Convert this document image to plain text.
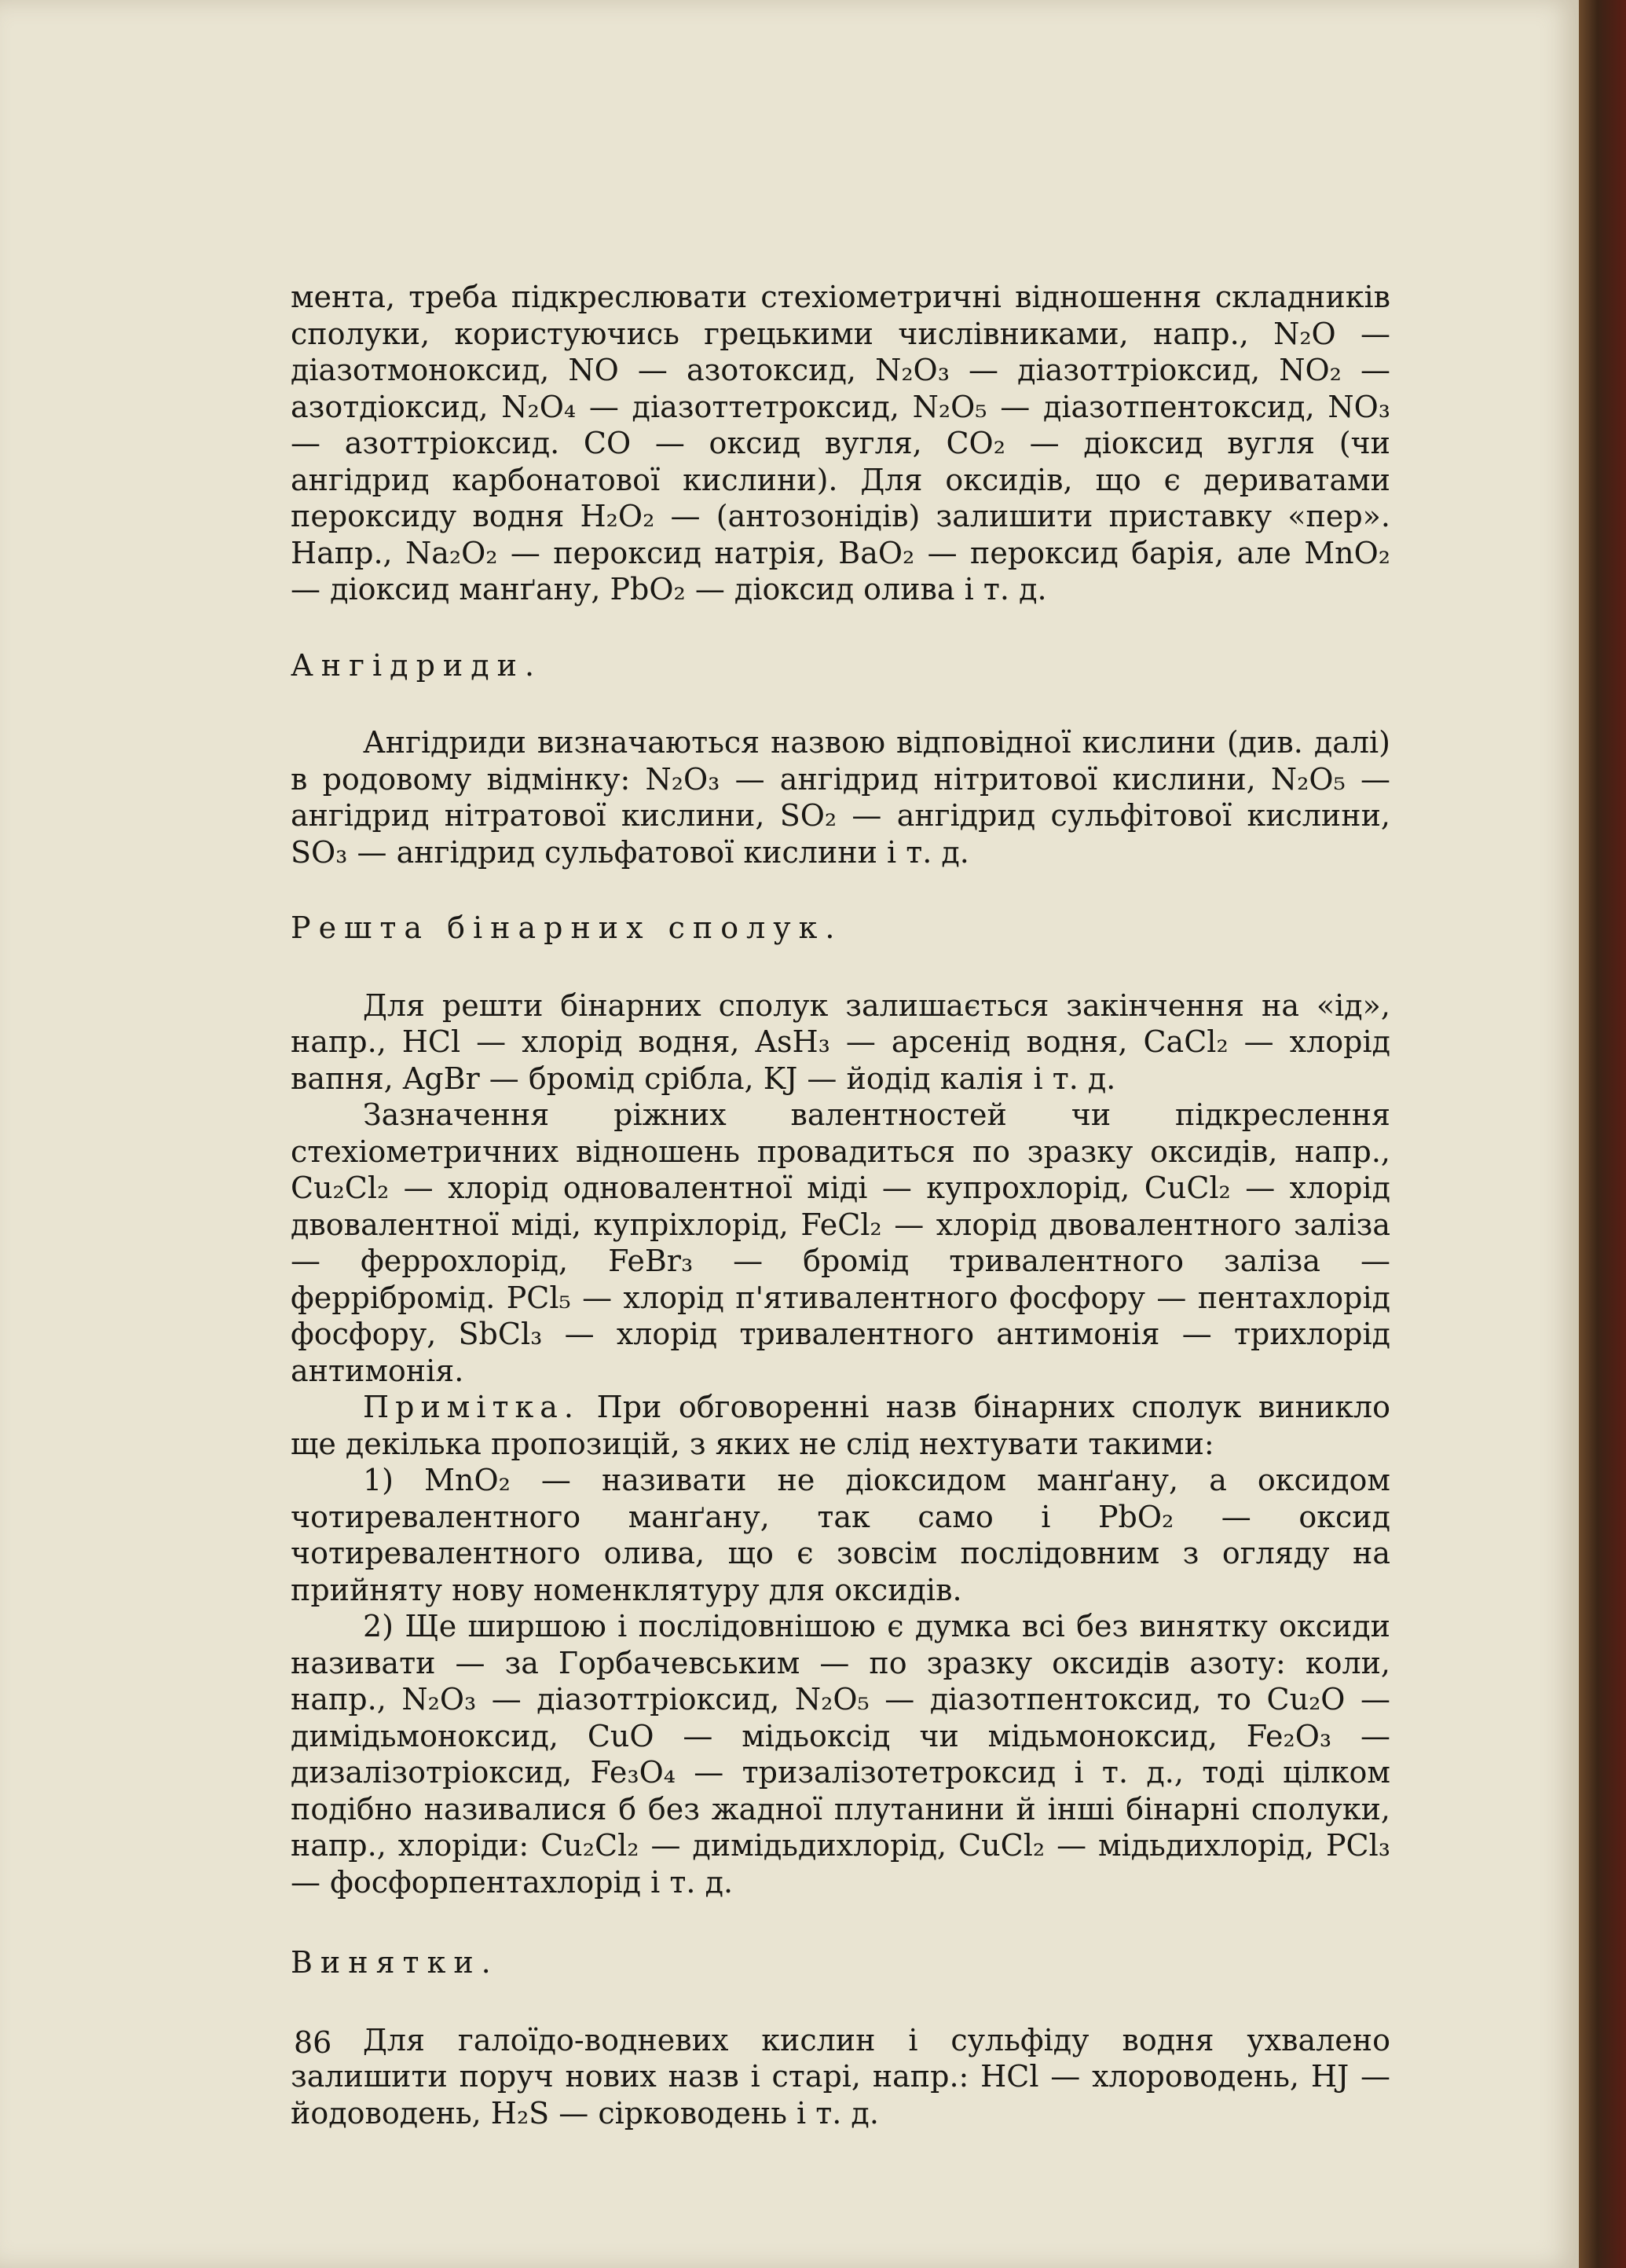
мента, треба підкреслювати стехіометричні відношення складників сполуки, користуючись грецькими числівниками, напр., N₂O — діазотмоноксид, NO — азотоксид, N₂O₃ — діазоттріоксид, NO₂ — азотдіоксид, N₂O₄ — діазоттетроксид, N₂O₅ — діазотпентоксид, NO₃ — азоттріоксид. CO — оксид вугля, CO₂ — діоксид вугля (чи ангідрид карбонатової кислини). Для оксидів, що є дериватами пероксиду водня H₂O₂ — (антозонідів) залишити приставку «пер». Напр., Na₂O₂ — пероксид натрія, BaO₂ — пероксид барія, але MnO₂ — діоксид манґану, PbO₂ — діоксид олива і т. д.

Ангідриди.

Ангідриди визначаються назвою відповідної кислини (див. далі) в родовому відмінку: N₂O₃ — ангідрид нітритової кислини, N₂O₅ — ангідрид нітратової кислини, SO₂ — ангідрид сульфітової кислини, SO₃ — ангідрид сульфатової кислини і т. д.

Решта бінарних сполук.

Для решти бінарних сполук залишається закінчення на «ід», напр., HCl — хлорід водня, AsH₃ — арсенід водня, CaCl₂ — хлорід вапня, AgBr — бромід срібла, KJ — йодід калія і т. д.

Зазначення ріжних валентностей чи підкреслення стехіометричних відношень провадиться по зразку оксидів, напр., Cu₂Cl₂ — хлорід одновалентної міді — купрохлорід, CuCl₂ — хлорід двовалентної міді, купріхлорід, FeCl₂ — хлорід двовалентного заліза — феррохлорід, FeBr₃ — бромід тривалентного заліза — феррібромід. PCl₅ — хлорід п'ятивалентного фосфору — пентахлорід фосфору, SbCl₃ — хлорід тривалентного антимонія — трихлорід антимонія.

Примітка. При обговоренні назв бінарних сполук виникло ще декілька пропозицій, з яких не слід нехтувати такими:

1) MnO₂ — називати не діоксидом манґану, а оксидом чотиревалентного манґану, так само і PbO₂ — оксид чотиревалентного олива, що є зовсім послідовним з огляду на прийняту нову номенклятуру для оксидів.

2) Ще ширшою і послідовнішою є думка всі без винятку оксиди називати — за Горбачевським — по зразку оксидів азоту: коли, напр., N₂O₃ — діазоттріоксид, N₂O₅ — діазотпентоксид, то Cu₂O — димідьмоноксид, CuO — мідьоксід чи мідьмоноксид, Fe₂O₃ — дизалізотріоксид, Fe₃O₄ — тризалізотетроксид і т. д., тоді цілком подібно називалися б без жадної плутанини й інші бінарні сполуки, напр., хлоріди: Cu₂Cl₂ — димідьдихлорід, CuCl₂ — мідьдихлорід, PCl₃ — фосфорпентахлорід і т. д.

Винятки.

Для галоїдо-водневих кислин і сульфіду водня ухвалено залишити поруч нових назв і старі, напр.: HCl — хлороводень, HJ — йодоводень, H₂S — сірководень і т. д.

86
